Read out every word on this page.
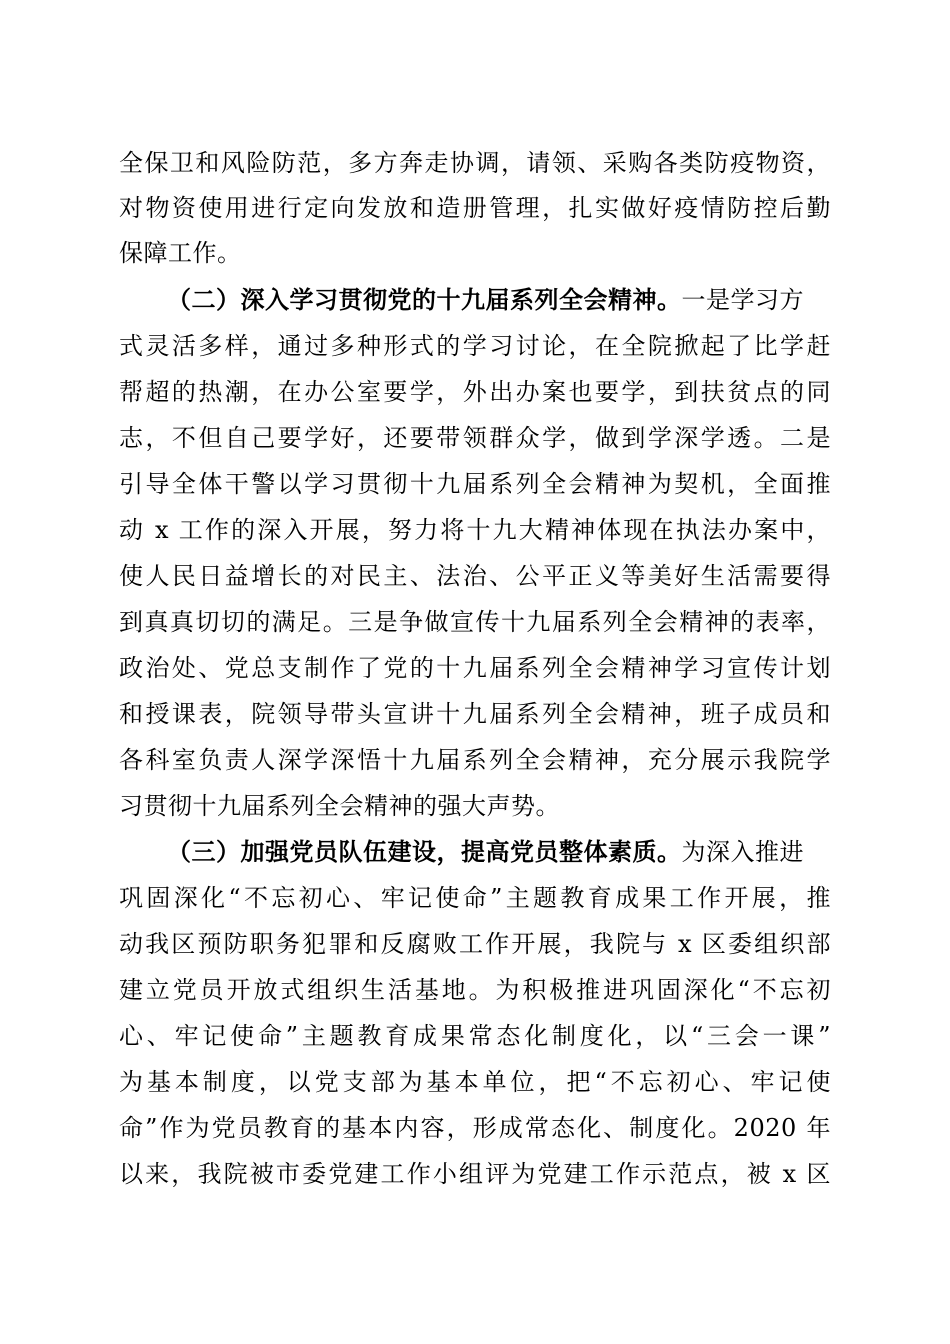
全保卫和风险防范，多方奔走协调，请领、采购各类防疫物资，
对物资使用进行定向发放和造册管理，扎实做好疫情防控后勤
保障工作。
（二）深入学习贯彻党的十九届系列全会精神。一是学习方
式灵活多样，通过多种形式的学习讨论，在全院掀起了比学赶
帮超的热潮，在办公室要学，外出办案也要学，到扶贫点的同
志，不但自己要学好，还要带领群众学，做到学深学透。二是
引导全体干警以学习贯彻十九届系列全会精神为契机，全面推
动 x 工作的深入开展，努力将十九大精神体现在执法办案中，
使人民日益增长的对民主、法治、公平正义等美好生活需要得
到真真切切的满足。三是争做宣传十九届系列全会精神的表率，
政治处、党总支制作了党的十九届系列全会精神学习宣传计划
和授课表，院领导带头宣讲十九届系列全会精神，班子成员和
各科室负责人深学深悟十九届系列全会精神，充分展示我院学
习贯彻十九届系列全会精神的强大声势。
（三）加强党员队伍建设，提高党员整体素质。为深入推进
巩固深化“不忘初心、牢记使命”主题教育成果工作开展，推
动我区预防职务犯罪和反腐败工作开展，我院与 x 区委组织部
建立党员开放式组织生活基地。为积极推进巩固深化“不忘初
心、牢记使命”主题教育成果常态化制度化，以“三会一课”
为基本制度，以党支部为基本单位，把“不忘初心、牢记使
命”作为党员教育的基本内容，形成常态化、制度化。2020 年
以来，我院被市委党建工作小组评为党建工作示范点，被 x 区
